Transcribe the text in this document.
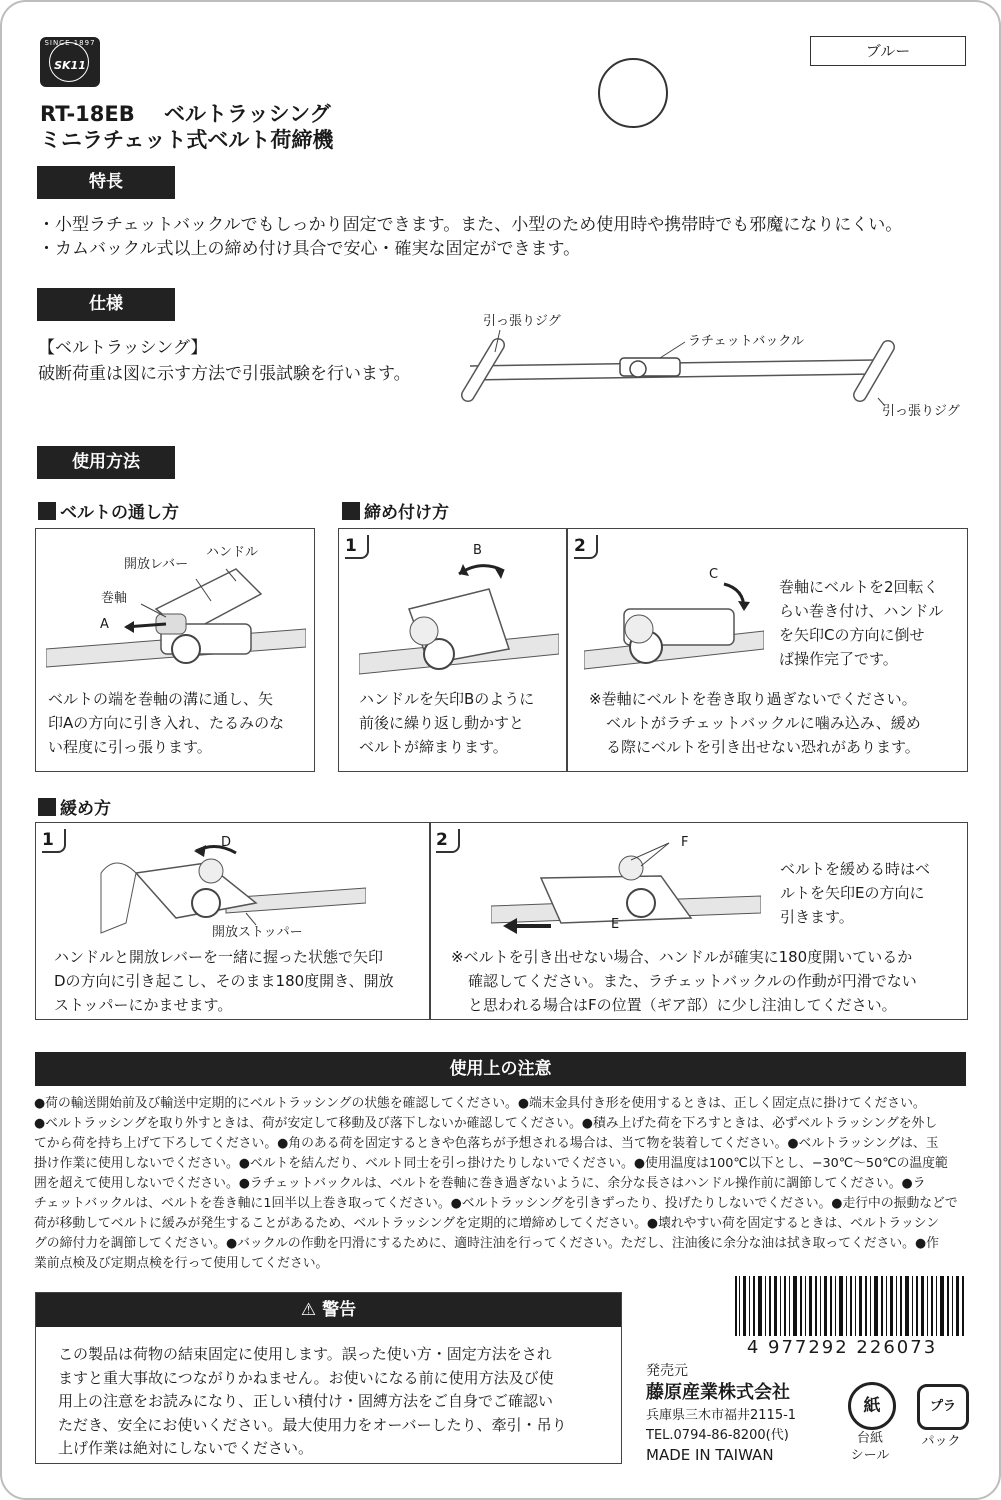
SINCE 1897
SK11
ブルー
RT-18EB ベルトラッシング
ミニラチェット式ベルト荷締機
特長
・小型ラチェットバックルでもしっかり固定できます。また、小型のため使用時や携帯時でも邪魔になりにくい。
・カムバックル式以上の締め付け具合で安心・確実な固定ができます。
仕様
【ベルトラッシング】
破断荷重は図に示す方法で引張試験を行います。
引っ張りジグ
ラチェットバックル
引っ張りジグ
使用方法
ベルトの通し方	締め付け方
ハンドル
開放レバー
巻軸
A
ベルトの端を巻軸の溝に通し、矢
印Aの方向に引き入れ、たるみのな
い程度に引っ張ります。
1	B
ハンドルを矢印Bのように
前後に繰り返し動かすと
ベルトが締まります。
2
C
巻軸にベルトを2回転く
らい巻き付け、ハンドル
を矢印Cの方向に倒せ
ば操作完了です。
※巻軸にベルトを巻き取り過ぎないでください。
ベルトがラチェットバックルに噛み込み、緩め
る際にベルトを引き出せない恐れがあります。
緩め方
1	D
開放ストッパー
ハンドルと開放レバーを一緒に握った状態で矢印
Dの方向に引き起こし、そのまま180度開き、開放
ストッパーにかませます。
2	F
E
ベルトを緩める時はベ
ルトを矢印Eの方向に
引きます。
※ベルトを引き出せない場合、ハンドルが確実に180度開いているか
確認してください。また、ラチェットバックルの作動が円滑でない
と思われる場合はFの位置（ギア部）に少し注油してください。
使用上の注意
●荷の輸送開始前及び輸送中定期的にベルトラッシングの状態を確認してください。●端末金具付き形を使用するときは、正しく固定点に掛けてください。
●ベルトラッシングを取り外すときは、荷が安定して移動及び落下しないか確認してください。●積み上げた荷を下ろすときは、必ずベルトラッシングを外し
てから荷を持ち上げて下ろしてください。●角のある荷を固定するときや色落ちが予想される場合は、当て物を装着してください。●ベルトラッシングは、玉
掛け作業に使用しないでください。●ベルトを結んだり、ベルト同士を引っ掛けたりしないでください。●使用温度は100℃以下とし、−30℃〜50℃の温度範
囲を超えて使用しないでください。●ラチェットバックルは、ベルトを巻軸に巻き過ぎないように、余分な長さはハンドル操作前に調節してください。●ラ
チェットバックルは、ベルトを巻き軸に1回半以上巻き取ってください。●ベルトラッシングを引きずったり、投げたりしないでください。●走行中の振動などで
荷が移動してベルトに緩みが発生することがあるため、ベルトラッシングを定期的に増締めしてください。●壊れやすい荷を固定するときは、ベルトラッシン
グの締付力を調節してください。●バックルの作動を円滑にするために、適時注油を行ってください。ただし、注油後に余分な油は拭き取ってください。●作
業前点検及び定期点検を行って使用してください。
⚠ 警告
この製品は荷物の結束固定に使用します。誤った使い方・固定方法をされ
ますと重大事故につながりかねません。お使いになる前に使用方法及び使
用上の注意をお読みになり、正しい積付け・固縛方法をご自身でご確認い
ただき、安全にお使いください。最大使用力をオーバーしたり、牽引・吊り
上げ作業は絶対にしないでください。
4 977292 226073
発売元
藤原産業株式会社
兵庫県三木市福井2115-1
TEL.0794-86-8200(代)
MADE IN TAIWAN
紙
台紙
シール
プラ
パック
